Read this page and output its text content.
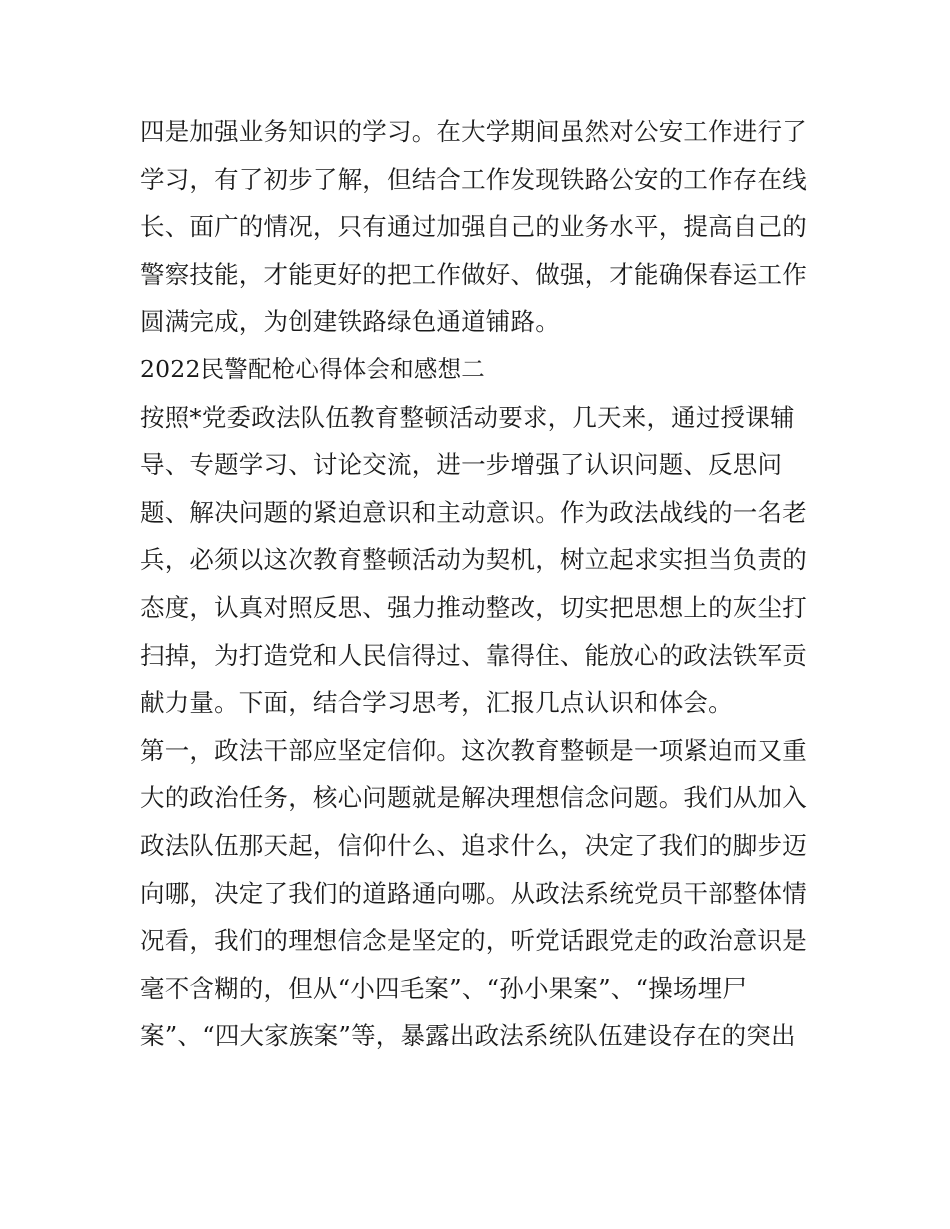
四是加强业务知识的学习。在大学期间虽然对公安工作进行了
学习，有了初步了解，但结合工作发现铁路公安的工作存在线
长、面广的情况，只有通过加强自己的业务水平，提高自己的
警察技能，才能更好的把工作做好、做强，才能确保春运工作
圆满完成，为创建铁路绿色通道铺路。
2022民警配枪心得体会和感想二
按照*党委政法队伍教育整顿活动要求，几天来，通过授课辅
导、专题学习、讨论交流，进一步增强了认识问题、反思问
题、解决问题的紧迫意识和主动意识。作为政法战线的一名老
兵，必须以这次教育整顿活动为契机，树立起求实担当负责的
态度，认真对照反思、强力推动整改，切实把思想上的灰尘打
扫掉，为打造党和人民信得过、靠得住、能放心的政法铁军贡
献力量。下面，结合学习思考，汇报几点认识和体会。
第一，政法干部应坚定信仰。这次教育整顿是一项紧迫而又重
大的政治任务，核心问题就是解决理想信念问题。我们从加入
政法队伍那天起，信仰什么、追求什么，决定了我们的脚步迈
向哪，决定了我们的道路通向哪。从政法系统党员干部整体情
况看，我们的理想信念是坚定的，听党话跟党走的政治意识是
毫不含糊的，但从“小四毛案”、“孙小果案”、“操场埋尸
案”、“四大家族案”等，暴露出政法系统队伍建设存在的突出
